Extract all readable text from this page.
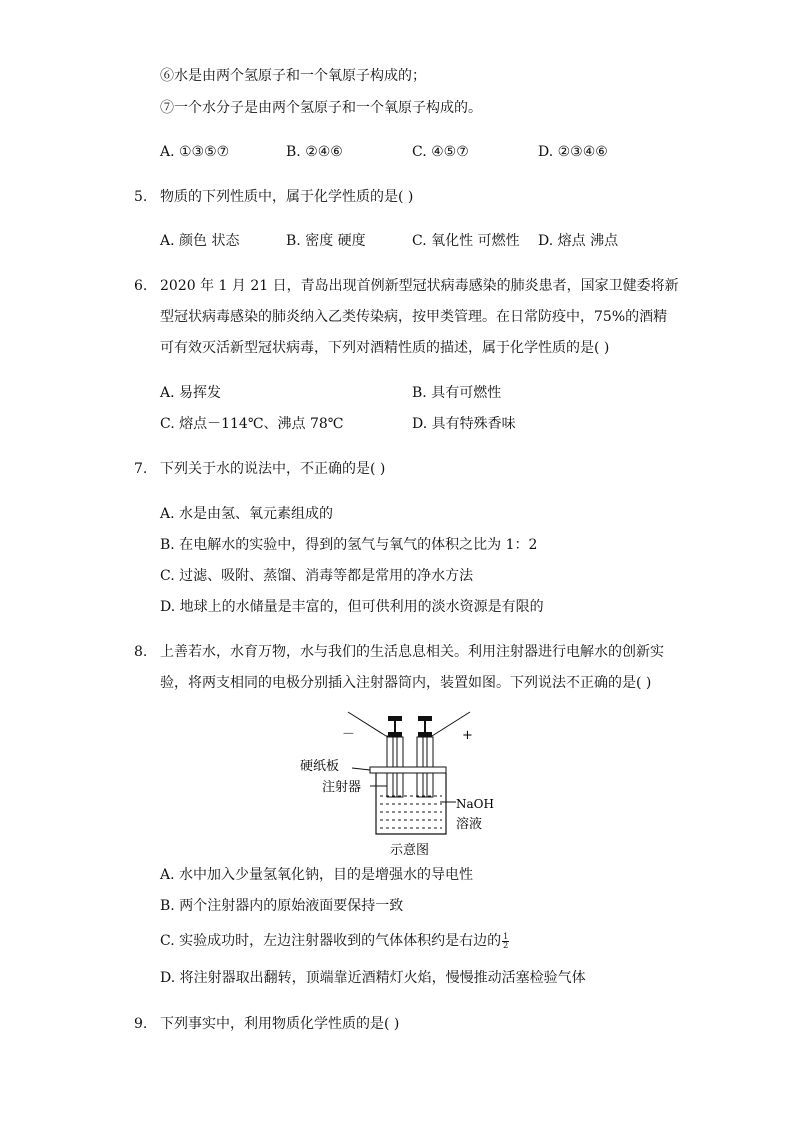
⑥水是由两个氢原子和一个氧原子构成的；
⑦一个水分子是由两个氢原子和一个氧原子构成的。
A. ①③⑤⑦	B. ②④⑥	C. ④⑤⑦	D. ②③④⑥
5. 物质的下列性质中，属于化学性质的是( )
A. 颜色 状态	B. 密度 硬度	C. 氧化性 可燃性 D. 熔点 沸点
6. 2020 年 1 月 21 日，青岛出现首例新型冠状病毒感染的肺炎患者，国家卫健委将新
型冠状病毒感染的肺炎纳入乙类传染病，按甲类管理。在日常防疫中，75%的酒精
可有效灭活新型冠状病毒，下列对酒精性质的描述，属于化学性质的是( )
A. 易挥发	B. 具有可燃性
C. 熔点－114℃、沸点 78℃	D. 具有特殊香味
7. 下列关于水的说法中，不正确的是( )
A. 水是由氢、氧元素组成的
B. 在电解水的实验中，得到的氢气与氧气的体积之比为 1：2
C. 过滤、吸附、蒸馏、消毒等都是常用的净水方法
D. 地球上的水储量是丰富的，但可供利用的淡水资源是有限的
8. 上善若水，水育万物，水与我们的生活息息相关。利用注射器进行电解水的创新实
验，将两支相同的电极分别插入注射器筒内，装置如图。下列说法不正确的是( )
－	+
硬纸板
注射器
NaOH
溶液
示意图
A. 水中加入少量氢氧化钠，目的是增强水的导电性
B. 两个注射器内的原始液面要保持一致
C. 实验成功时，左边注射器收到的气体体积约是右边的 $\frac{1}{2}$
D. 将注射器取出翻转，顶端靠近酒精灯火焰，慢慢推动活塞检验气体
9. 下列事实中，利用物质化学性质的是( )
